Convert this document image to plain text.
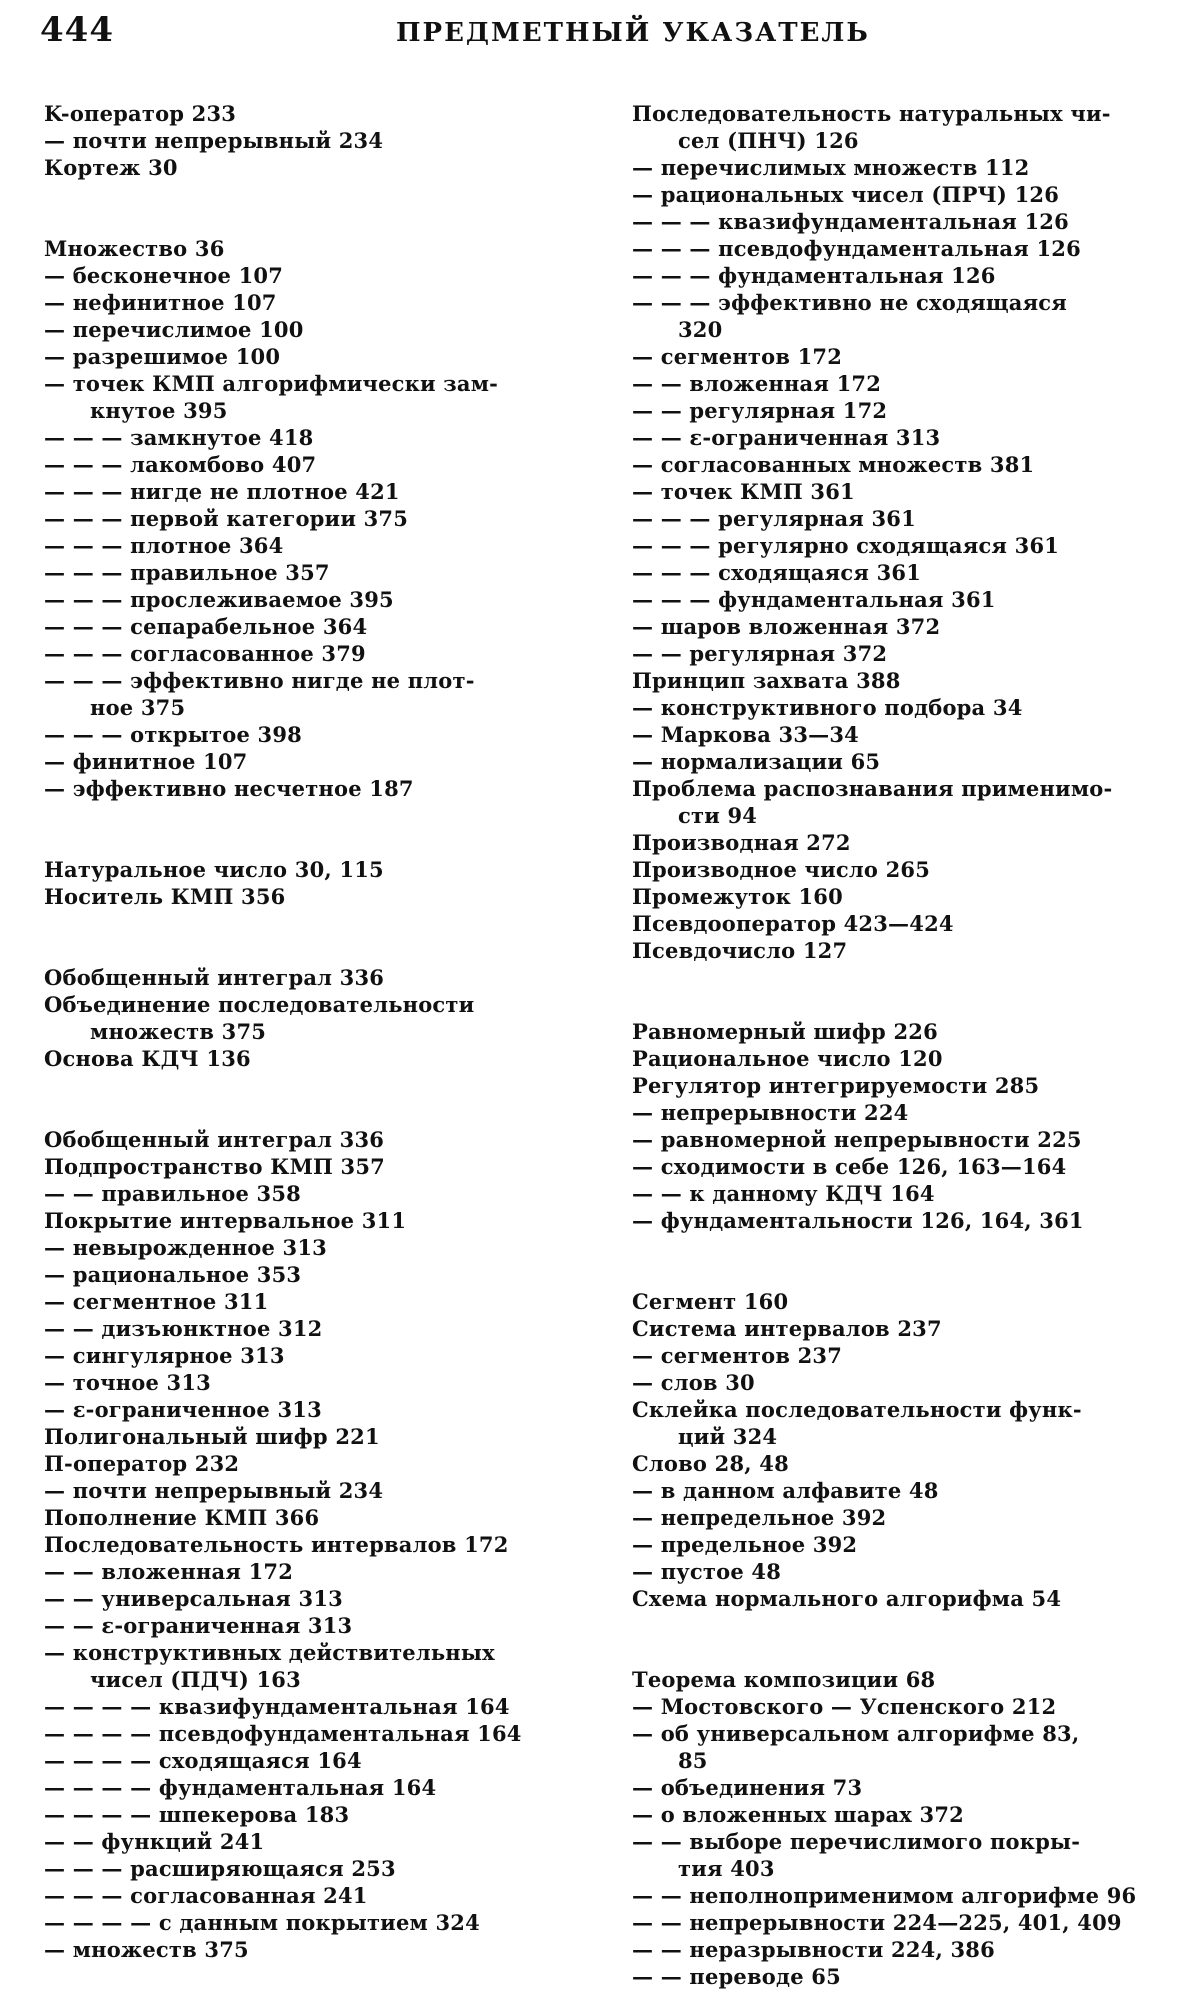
444	ПРЕДМЕТНЫЙ УКАЗАТЕЛЬ
K-оператор 233
— почти непрерывный 234
Кортеж 30
Множество 36
— бесконечное 107
— нефинитное 107
— перечислимое 100
— разрешимое 100
— точек КМП алгорифмически зам-
кнутое 395
— — — замкнутое 418
— — — лакомбово 407
— — — нигде не плотное 421
— — — первой категории 375
— — — плотное 364
— — — правильное 357
— — — прослеживаемое 395
— — — сепарабельное 364
— — — согласованное 379
— — — эффективно нигде не плот-
ное 375
— — — открытое 398
— финитное 107
— эффективно несчетное 187
Натуральное число 30, 115
Носитель КМП 356
Обобщенный интеграл 336
Объединение последовательности
множеств 375
Основа КДЧ 136
Обобщенный интеграл 336
Подпространство КМП 357
— — правильное 358
Покрытие интервальное 311
— невырожденное 313
— рациональное 353
— сегментное 311
— — дизъюнктное 312
— сингулярное 313
— точное 313
— ε-ограниченное 313
Полигональный шифр 221
П-оператор 232
— почти непрерывный 234
Пополнение КМП 366
Последовательность интервалов 172
— — вложенная 172
— — универсальная 313
— — ε-ограниченная 313
— конструктивных действительных
чисел (ПДЧ) 163
— — — — квазифундаментальная 164
— — — — псевдофундаментальная 164
— — — — сходящаяся 164
— — — — фундаментальная 164
— — — — шпекерова 183
— — функций 241
— — — расширяющаяся 253
— — — согласованная 241
— — — — с данным покрытием 324
— множеств 375
Последовательность натуральных чи-
сел (ПНЧ) 126
— перечислимых множеств 112
— рациональных чисел (ПРЧ) 126
— — — квазифундаментальная 126
— — — псевдофундаментальная 126
— — — фундаментальная 126
— — — эффективно не сходящаяся
320
— сегментов 172
— — вложенная 172
— — регулярная 172
— — ε-ограниченная 313
— согласованных множеств 381
— точек КМП 361
— — — регулярная 361
— — — регулярно сходящаяся 361
— — — сходящаяся 361
— — — фундаментальная 361
— шаров вложенная 372
— — регулярная 372
Принцип захвата 388
— конструктивного подбора 34
— Маркова 33—34
— нормализации 65
Проблема распознавания применимо-
сти 94
Производная 272
Производное число 265
Промежуток 160
Псевдооператор 423—424
Псевдочисло 127
Равномерный шифр 226
Рациональное число 120
Регулятор интегрируемости 285
— непрерывности 224
— равномерной непрерывности 225
— сходимости в себе 126, 163—164
— — к данному КДЧ 164
— фундаментальности 126, 164, 361
Сегмент 160
Система интервалов 237
— сегментов 237
— слов 30
Склейка последовательности функ-
ций 324
Слово 28, 48
— в данном алфавите 48
— непредельное 392
— предельное 392
— пустое 48
Схема нормального алгорифма 54
Теорема композиции 68
— Мостовского — Успенского 212
— об универсальном алгорифме 83,
85
— объединения 73
— о вложенных шарах 372
— — выборе перечислимого покры-
тия 403
— — неполноприменимом алгорифме 96
— — непрерывности 224—225, 401, 409
— — неразрывности 224, 386
— — переводе 65
